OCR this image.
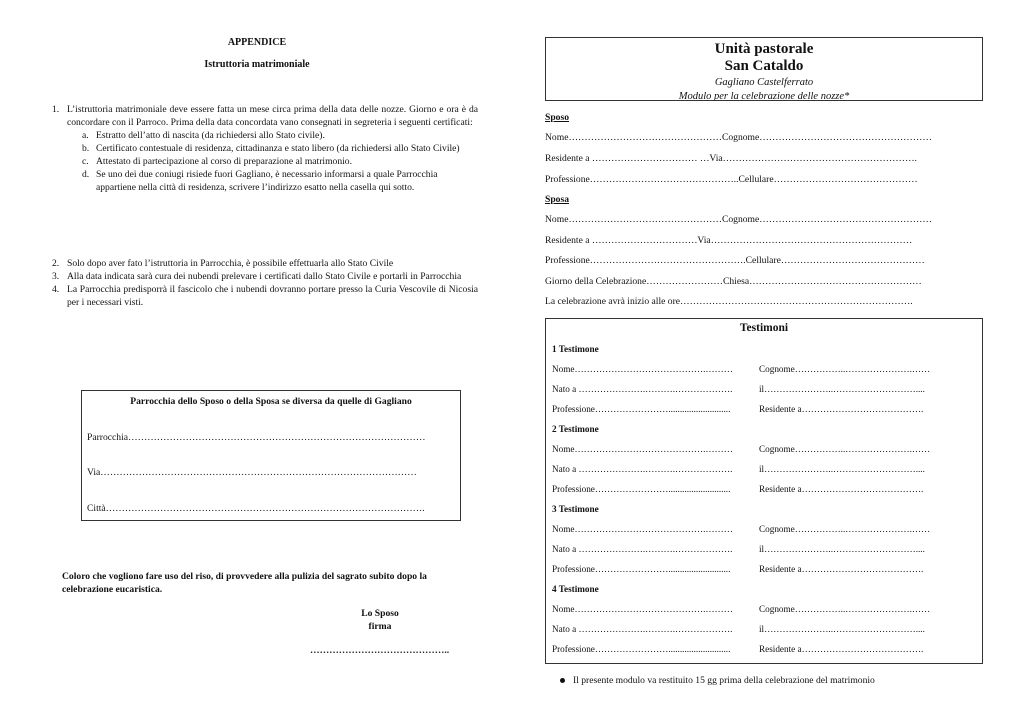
APPENDICE
Istruttoria matrimoniale
1. L’istruttoria matrimoniale deve essere fatta un mese circa prima della data delle nozze. Giorno e ora è da concordare con il Parroco. Prima della data concordata vano consegnati in segreteria i seguenti certificati:
a. Estratto dell’atto di nascita (da richiedersi allo Stato civile).
b. Certificato contestuale di residenza, cittadinanza e stato libero (da richiedersi allo Stato Civile)
c. Attestato di partecipazione al corso di preparazione al matrimonio.
d. Se uno dei due coniugi risiede fuori Gagliano, è necessario informarsi a quale Parrocchia appartiene nella città di residenza, scrivere l’indirizzo esatto nella casella qui sotto.
2. Solo dopo aver fato l’istruttoria in Parrocchia, è possibile effettuarla allo Stato Civile
3. Alla data indicata sarà cura dei nubendi prelevare i certificati dallo Stato Civile e portarli in Parrocchia
4. La Parrocchia predisporrà il fascicolo che i nubendi dovranno portare presso la Curia Vescovile di Nicosia per i necessari visti.
Parrocchia dello Sposo o della Sposa se diversa da quelle di Gagliano
Parrocchia…………………………………………………………………………………
Via………………………………………………………………………………………
Città……………………………………………………………………………………….
Coloro che vogliono fare uso del riso, di provvedere alla pulizia del sagrato subito dopo la celebrazione eucaristica.
Lo Sposo
firma
……………………………………..
Unità pastorale
San Cataldo
Gagliano Castelferrato
Modulo per la celebrazione delle nozze*
Sposo
Nome…………………………………………Cognome………………………………………………
Residente a …………………………… …Via…………………………………………………….
Professione………………………………………..Cellulare………………………………………
Sposa
Nome…………………………………………Cognome………………………………………………
Residente a ……………………………Via………………………………………………………
Professione………………………………………….Cellulare………………………………………
Giorno della Celebrazione……………………Chiesa………………………………………………
La celebrazione avrà inizio alle ore……………………………………………………………….
Testimoni
1 Testimone
Nome…………………………………….………	Cognome……………..………………….……
Nato a ………………….……….……………….	il…………………..………………………....
Professione……………………...........................	Residente a………………………………….
2 Testimone
Nome…………………………………….………	Cognome……………..………………….……
Nato a ………………….……….……………….	il…………………..………………………....
Professione……………………...........................	Residente a………………………………….
3 Testimone
Nome…………………………………….………	Cognome……………..………………….……
Nato a ………………….……….……………….	il…………………..………………………....
Professione……………………...........................	Residente a………………………………….
4 Testimone
Nome…………………………………….………	Cognome……………..………………….……
Nato a ………………….……….……………….	il…………………..………………………....
Professione……………………...........................	Residente a………………………………….
Il presente modulo va restituito 15 gg prima della celebrazione del matrimonio
